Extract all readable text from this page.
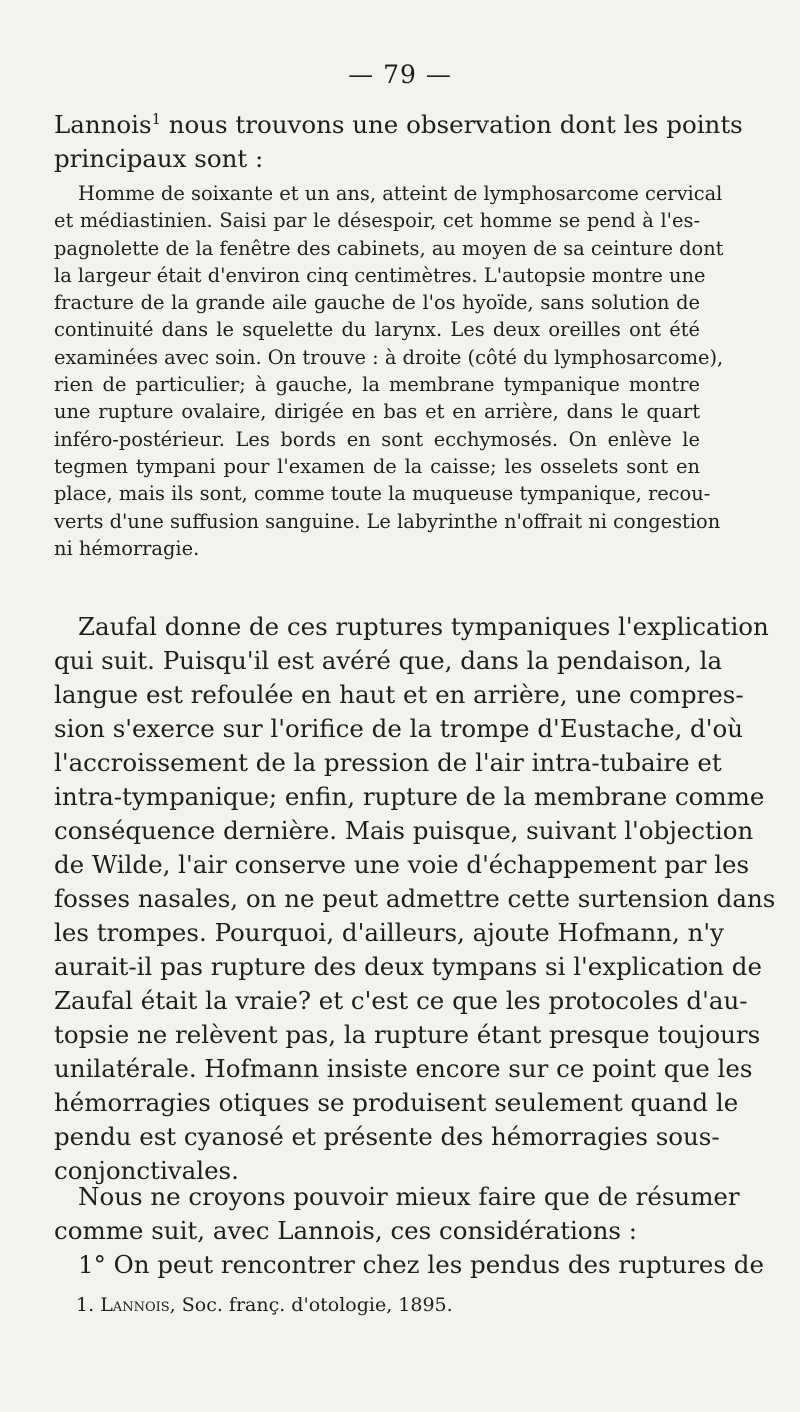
— 79 —
Lannois$^1$ nous trouvons une observation dont les points
principaux sont :
Homme de soixante et un ans, atteint de lymphosarcome cervical
et médiastinien. Saisi par le désespoir, cet homme se pend à l'es-
pagnolette de la fenêtre des cabinets, au moyen de sa ceinture dont
la largeur était d'environ cinq centimètres. L'autopsie montre une
fracture de la grande aile gauche de l'os hyoïde, sans solution de
continuité dans le squelette du larynx. Les deux oreilles ont été
examinées avec soin. On trouve : à droite (côté du lymphosarcome),
rien de particulier; à gauche, la membrane tympanique montre
une rupture ovalaire, dirigée en bas et en arrière, dans le quart
inféro-postérieur. Les bords en sont ecchymosés. On enlève le
tegmen tympani pour l'examen de la caisse; les osselets sont en
place, mais ils sont, comme toute la muqueuse tympanique, recou-
verts d'une suffusion sanguine. Le labyrinthe n'offrait ni congestion
ni hémorragie.
Zaufal donne de ces ruptures tympaniques l'explication
qui suit. Puisqu'il est avéré que, dans la pendaison, la
langue est refoulée en haut et en arrière, une compres-
sion s'exerce sur l'orifice de la trompe d'Eustache, d'où
l'accroissement de la pression de l'air intra-tubaire et
intra-tympanique; enfin, rupture de la membrane comme
conséquence dernière. Mais puisque, suivant l'objection
de Wilde, l'air conserve une voie d'échappement par les
fosses nasales, on ne peut admettre cette surtension dans
les trompes. Pourquoi, d'ailleurs, ajoute Hofmann, n'y
aurait-il pas rupture des deux tympans si l'explication de
Zaufal était la vraie? et c'est ce que les protocoles d'au-
topsie ne relèvent pas, la rupture étant presque toujours
unilatérale. Hofmann insiste encore sur ce point que les
hémorragies otiques se produisent seulement quand le
pendu est cyanosé et présente des hémorragies sous-
conjonctivales.
Nous ne croyons pouvoir mieux faire que de résumer
comme suit, avec Lannois, ces considérations :
1° On peut rencontrer chez les pendus des ruptures de
1. Lannois, Soc. franç. d'otologie, 1895.
